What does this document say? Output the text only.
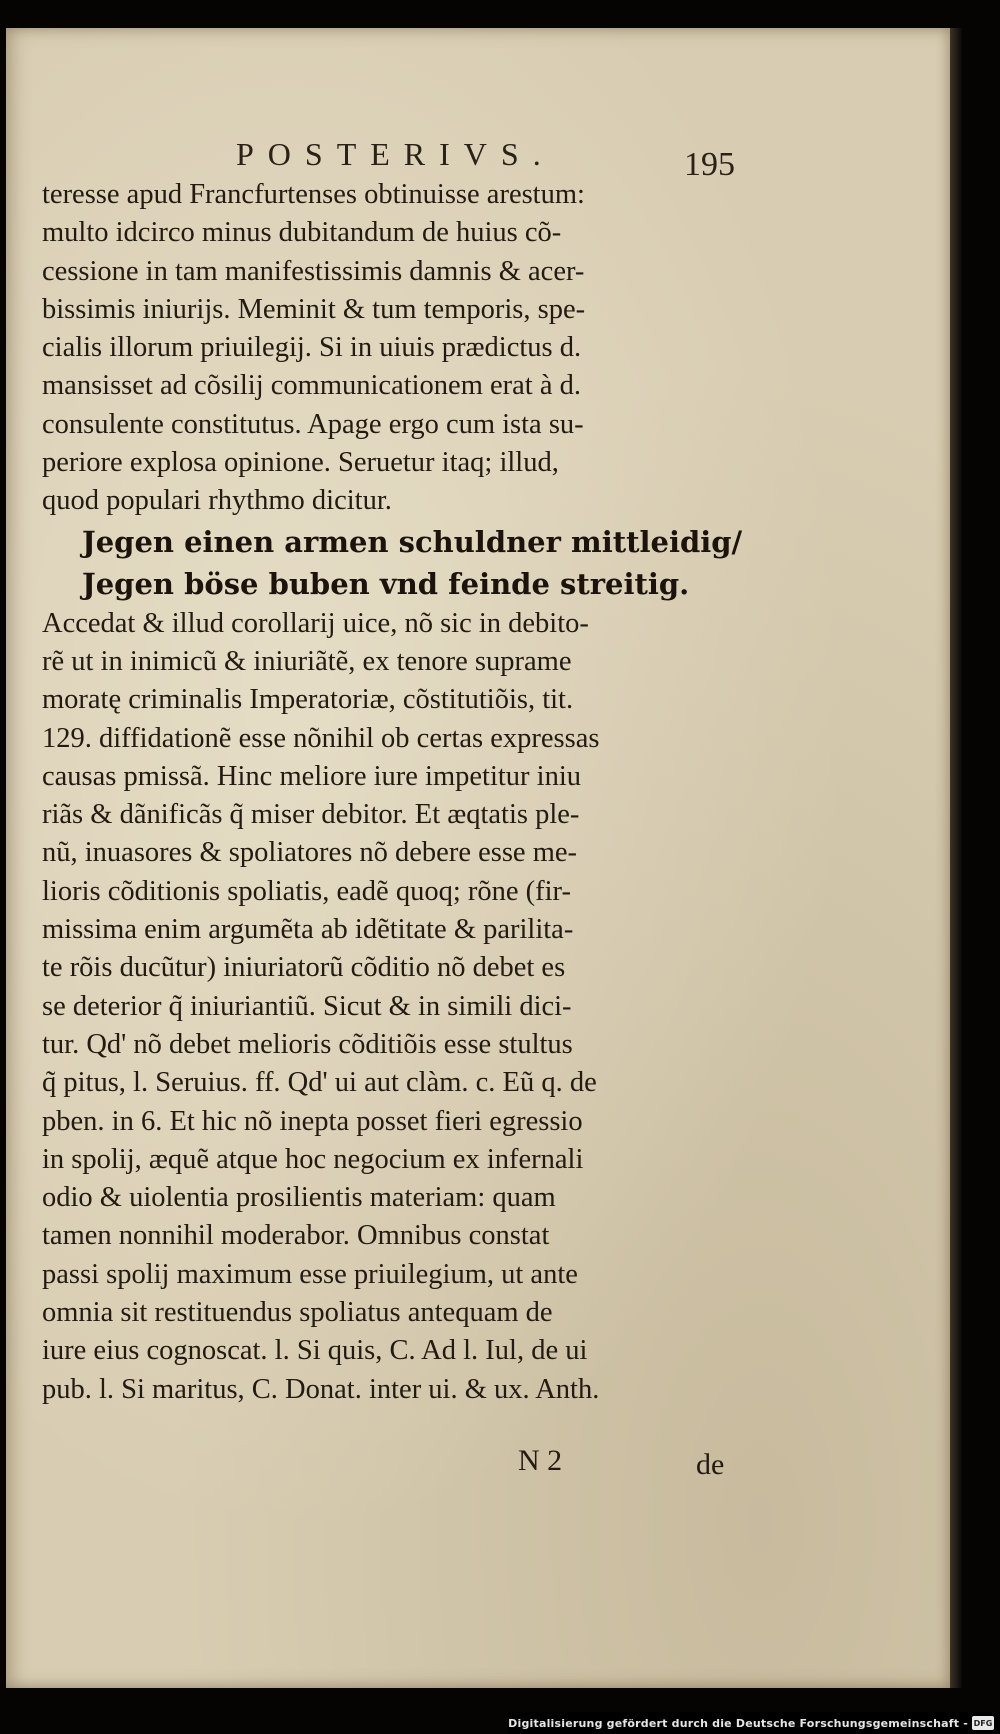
POSTERIVS.	195
teresse apud Francfurtenses obtinuisse arestum:
multo idcirco minus dubitandum de huius cõ-
cessione in tam manifestissimis damnis & acer-
bissimis iniurijs. Meminit & tum temporis, spe-
cialis illorum priuilegij. Si in uiuis prædictus d.
mansisset ad cõsilij communicationem erat à d.
consulente constitutus. Apage ergo cum ista su-
periore explosa opinione. Seruetur itaq; illud,
quod populari rhythmo dicitur.
Jegen einen armen schuldner mittleidig/
Jegen böse buben vnd feinde streitig.
Accedat & illud corollarij uice, nõ sic in debito-
rẽ ut in inimicũ & iniuriãtẽ, ex tenore suprame
moratę criminalis Imperatoriæ, cõstitutiõis, tit.
129. diffidationẽ esse nõnihil ob certas expressas
causas pmissã. Hinc meliore iure impetitur iniu
riãs & dãnificãs q̃ miser debitor. Et æqtatis ple-
nũ, inuasores & spoliatores nõ debere esse me-
lioris cõditionis spoliatis, eadẽ quoq; rõne (fir-
missima enim argumẽta ab idẽtitate & parilita-
te rõis ducũtur) iniuriatorũ cõditio nõ debet es
se deterior q̃ iniuriantiũ. Sicut & in simili dici-
tur. Qd' nõ debet melioris cõditiõis esse stultus
q̃ pitus, l. Seruius. ff. Qd' ui aut clàm. c. Eũ q. de
pben. in 6. Et hic nõ inepta posset fieri egressio
in spolij, æquẽ atque hoc negocium ex infernali
odio & uiolentia prosilientis materiam: quam
tamen nonnihil moderabor. Omnibus constat
passi spolij maximum esse priuilegium, ut ante
omnia sit restituendus spoliatus antequam de
iure eius cognoscat. l. Si quis, C. Ad l. Iul, de ui
pub. l. Si maritus, C. Donat. inter ui. & ux. Anth.
N 2	de
Digitalisierung gefördert durch die Deutsche Forschungsgemeinschaft - DFG
